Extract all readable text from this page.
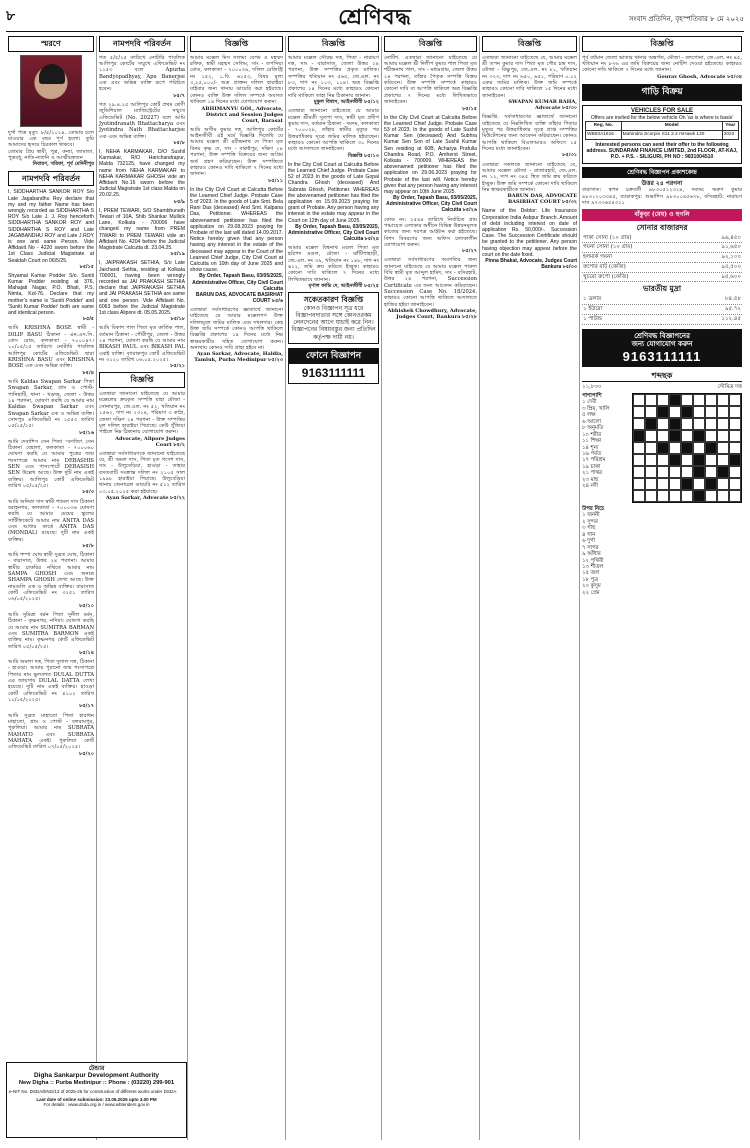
৮	শ্রেণিবদ্ধ	সংবাদ প্রতিদিন, বৃহস্পতিবার ৮ মে ২০২৫
স্মরণে
দুর্গা পাত্র মৃত্যু: ৮/৫/২০২৪. তোমার চলে যাওয়ার এক বছর পূর্ণ হলো। তুমি আমাদের হৃদয়ে চিরকাল থাকবে।
তোমার প্রিয় স্বামী, পুত্র, কন্যা, জামাতা, পুত্রবধূ, নাতি-নাতনি ও আত্মীয়স্বজন
নিবারণ, খরিফা, পূর্ব মেদিনীপুর
নামপদবি পরিবর্তন
I, SIDDHARTHA SANKOR ROY S/o Late Jagabandhu Roy declare that my and my father Name has been wrongly recorded as SIDDHARTHA S ROY S/o Late J. J. Roy henceforth SIDDHARTHA SANKOR ROY and SIDDHARTHA S ROY and Late JAGABANDHU ROY and Late J.ROY is one and same Person. Vide Affidavit No - 4220 sworn before the 1st Class Judicial Magistrate at Sealdah Court on 06/5/25.
৮৫/১৫
Shyamal Kumar Podder S/o. Suniti Kumar Podder residing at 376, Mahajati Nagar, P.O. Bhati, P.S. Nimta, Kol-76. Declare that my mother's name is 'Suniti Podder' and 'Suniti Kumar Podder' both are same and identical person.
৮৫/৫
আমি KRISHNA BOSE স্বামী - DILIP BASU ঠিকানা - এন.এস.সি. বোস রোড, কলকাতা - ৭০০০৪৭। ১০/০৫/২৫ তারিখে নোটারি পাবলিক আলিপুর কোর্টের এফিডেভিট দ্বারা KRISHNA BASU এবং KRISHNA BOSE এক এবং অভিন্ন ব্যক্তি।
৮৫/৪
আমি Kaldas Swapan Sarkar পিতা Swapan Sarkar, গ্রাম ও পোস্ট- পানিহাটি, থানা - খড়দহ, জেলা - উত্তর ২৪ পরগনা, ঘোষণা করছি যে আমার নাম Kaldas Swapan Sarkar এবং Swapan Sarkar এক ও অভিন্ন ব্যক্তি। সোদপুর এফিডেভিট নং ১৫৫৩ তারিখ ০৫/০৫/২৫।
৮৫/১৬
আমি দেবাশিস সেন পিতা ৺রণজিৎ সেন ঠিকানা বেহালা, কলকাতা - ৭০০০৬০ ঘোষণা করছি যে আমার পুত্রের জন্ম শংসাপত্রে আমার নাম DEBASHIS SEN এবং পাসপোর্টে DEBASISH SEN উল্লেখ আছে। উক্ত দুটি নাম একই ব্যক্তির। আলিপুর কোর্ট এফিডেভিট তারিখ ০৫/০৫/২৫।
৮৫/৩
আমি অনিতা দাস স্বামী শ্যামল দাস ঠিকানা বরাহনগর, কলকাতা - ৭০০০৩৬ ঘোষণা করছি যে আমার মেয়ের স্কুলের সার্টিফিকেটে আমার নাম ANITA DAS এবং আধার কার্ডে ANITA DAS (MONDAL) রয়েছে। দুটি নাম একই ব্যক্তির।
৮৫/৮
আমি শম্পা ঘোষ স্বামী সুব্রত ঘোষ, ঠিকানা - বারাসাত, উত্তর ২৪ পরগনা। আমার স্বামীর চাকরির নথিতে আমার নাম SAMPA GHOSH এবং অন্যত্র SHAMPA GHOSH লেখা আছে। উক্ত নামগুলি এক ও অভিন্ন ব্যক্তির। বারাসাত কোর্ট এফিডেভিট নং ৩২৫১ তারিখ ০৬/০৫/২০২৫।
৮৫/১০
আমি সুমিত্রা বর্মন পিতা সুনীল বর্মন, ঠিকানা - কৃষ্ণনগর, নদিয়া। ঘোষণা করছি যে আমার নাম SUMITRA BARMAN এবং SUMITRA BARMON একই ব্যক্তির নাম। কৃষ্ণনগর কোর্ট এফিডেভিট তারিখ ০৫/০৫/২৫।
৮৫/১৪
আমি অমলা দত্ত, পিতা দুলাল দত্ত, ঠিকানা - হাওড়া। আমার পুরানো জন্ম শংসাপত্রে পিতার নাম ভুলবশত DULAL DUTTA এর জায়গায় DULAL DATTA লেখা হয়েছে। দুটি নাম একই ব্যক্তির। হাওড়া কোর্ট এফিডেভিট নং ৪১০২ তারিখ ১০/০৫/২০২৫।
৮৫/১৭
আমি সুব্রত মাহাতো পিতা হারাধন মাহাতো, গ্রাম ও পোস্ট - বলরামপুর, পুরুলিয়া। আমার নাম SUBRATA MAHATO এবং SUBRATA MAHATA একই। পুরুলিয়া কোর্ট এফিডেভিট তারিখ ০৭/০৫/২০২৫।
৮৫/২০
নামপদবি পরিবর্তন
গত ৫/৫/২৫ তারিখে নোটারি পাবলিক আলিপুর কোর্টের সম্মুখে এফিডেভিট নং ১১৫৩ বলে Apurba Bandyopadhyay, Apu Banerjee এক এবং অভিন্ন ব্যক্তি রূপে পরিচিত হবেন।
৮৫/৭
গত ২৯.৪.২৫ আলিপুর কোর্ট প্রথম শ্রেণী জুডিশিয়াল ম্যাজিস্ট্রেটের সম্মুখে এফিডেভিট (No. 20227) বলে আমি Jyotindranath Bhattacharya এবং Jyotindra Nath Bhattacharjee এক এবং অভিন্ন ব্যক্তি।
৮৫/৮
I, NEHA KARMAKAR, D/O Sushil Karmakar, R/O Harichandrapur, Malda 732125, have changed my name from NEHA KARMAKAR to NEHA KARMAKAR GHOSH vide an Affidavit No.16 sworn before the Judicial Magistrate 1st class Malda on 20.02.25.
৮৫/৯
I, PREM TEWARI, S/O Shambhunath Tewari of 10A, Shib Shankar Mullick Lane, Kolkata - 700006 have changed my name from PREM TIWARI to PREM TEWARI vide an Affidavit No. 4204 before the Judicial Magistrate Calcutta dt. 23.04.25.
৮৫/১৯
I, JAIPRAKASH SETHIA, S/o Late Jaichand Sethia, residing at Kolkata 700001, having been wrongly recorded as JAI PRAKASH SETHIA declare that JAIPRAKASH SETHIA and JAI PRAKASH SETHIA are same and one person. Vide Affidavit No. 6063 before the Judicial Magistrate 1st class Alipore dt. 05.05.2025.
৮৫/১৮
আমি বিকাশ পাল পিতা মৃত কার্তিক পাল, বর্তমান ঠিকানা - গৌরীপুর, জেলা - উত্তর ২৪ পরগনা, ঘোষণা করছি যে আমার নাম BIKASH PAUL এবং BIKASH PAL একই ব্যক্তি। ব্যারাকপুর কোর্ট এফিডেভিট নং ৩১২০ তারিখ ০৬.০৫.২০২৫।
৮৫/২১
বিজ্ঞপ্তি
এতদ্বারা জানানো যাইতেছে যে আমার মক্কেলের ক্রয়কৃত সম্পত্তি যাহা মৌজা - সোনারপুর, জে.এল. নং ৫২, খতিয়ান নং ১৫৬২, দাগ নং ২৩১৪, পরিমাণ ৩ কাঠা, জেলা দক্ষিণ ২৪ পরগনা - উক্ত সম্পত্তির মূল দলিল হারাইয়া গিয়াছে। কেউ খুঁজিয়া পাইলে নিম্ন ঠিকানায় যোগাযোগ করুন।
Advocate, Alipore Judges Court ৮৫/২
এতদ্বারা সর্বসাধারণকে জানানো যাইতেছে যে, শ্রী অমল দাস, পিতা মৃত গণেশ দাস, সাং - উলুবেড়িয়া, হাওড়া - তাহার বসতবাটি সংক্রান্ত দলিল নং ২১০৫ সাল ১৯৯৮ হারাইয়া গিয়াছে। উলুবেড়িয়া থানায় জেনারেল ডায়েরি নং ৫১২ তারিখ ০৩.০৫.২০২৫ করা হইয়াছে।
Ayan Sarkar, Advocate ৮৫/২২
বিজ্ঞপ্তি
আমার মক্কেল মিস সালমা বেগম ও মহম্মদ রফিক, স্বামী মহম্মদ সেলিম, সাং - তপসিয়া রোড, কলকাতা - ৭০০০৩৯, দলিল রেজিস্ট্রি নং ১৫২, ১.বি. ৬২৫৩, বিষয় মূল্য ৩,২৫,০০০/- অত্র প্রাক্তন দলিল হারাইয়া যাইবার জন্য থানায় ডায়েরি করা হইয়াছে। কোনও ব্যক্তি উক্ত দলিল সম্পর্কে অবগত থাকিলে ১৪ দিনের মধ্যে যোগাযোগ করুন।
ABHIMANYU GOL, Advocate, District and Session Judges Court, Barasat
আমি অসীম কুমার দত্ত, আলিপুর কোর্টের আইনজীবী এই মর্মে বিজ্ঞপ্তি দিতেছি যে আমার মক্কেল শ্রী রবীন্দ্রনাথ দে পিতা মৃত বিনয় কৃষ্ণ দে, সাং - বারুইপুর, দক্ষিণ ২৪ পরগনা, উক্ত সম্পত্তি বিক্রয়ের জন্য অগ্রিম অর্থ গ্রহণ করিয়াছেন। উক্ত সম্পত্তিতে কাহারও কোনও দাবি থাকিলে ৭ দিনের মধ্যে জানান।
৮৫/১১
In the City Civil Court at Calcutta Before the Learned Chief Judge. Probate Case 5 of 2023. In the goods of Late Smt. Bela Rani Das (deceased) And Smt. Kalpana Das, Petitioner. WHEREAS the abovenamed petitioner has filed the application on 29.08.2023 praying for Probate of the last will dated 14.09.2017. Notice hereby given that any person having any interest in the estate of the deceased may appear in the Court of the Learned Chief Judge, City Civil Court at Calcutta on 10th day of June 2025 and show cause.
By Order, Tapash Basu, 03/05/2025, Administrative Officer, City Civil Court Calcutta
BARUN DAS, ADVOCATE BASIRHAT COURT ৮৫/৬
এতদ্বারা সর্বসাধারণের জ্ঞাতার্থে জানানো যাইতেছে যে আমার মক্কেলগণ উক্ত দলিলমূলে জমির মালিক এবং দখলদার। কেহ উক্ত জমি সম্পর্কে কোনও আপত্তি থাকিলে বিজ্ঞপ্তি প্রকাশের ১৪ দিনের মধ্যে নিম্ন স্বাক্ষরকারীর সহিত যোগাযোগ করুন। অন্যথায় কোনও দাবি গ্রাহ্য হইবে না।
Ayan Sarkar, Advocate, Haldia, Tamluk, Purba Medinipur ৮৫/২৩
বিজ্ঞপ্তি
আমার মক্কেল সৌরভ দত্ত, পিতা - নারায়ণ দত্ত, সাং - বারাসাত, জেলা উত্তর ২৪ পরগনা, উক্ত সম্পত্তির প্রকৃত মালিক। সম্পত্তির খতিয়ান নং ৫৬৫, জে.এল. নং ৮৩, দাগ নং ১০৩, ১০৪। অত্র বিজ্ঞপ্তি প্রকাশের ১৪ দিনের মধ্যে কাহারও কোনো দাবি থাকিলে তাহা নিম্ন ঠিকানায় জানান।
মুকুল বিশ্বাস, আইনজীবী ৮৫/১২
এতদ্বারা জানানো যাইতেছে যে আমার মক্কেল শ্রীমতী সুতপা দাস, স্বামী মৃত প্রদীপ কুমার দাস, বর্তমান ঠিকানা - দমদম, কলকাতা - ৭০০০২৮, তাঁহার স্বামীর মৃত্যুর পর উত্তরাধিকার সূত্রে জমির মালিক হইয়াছেন। কাহারও কোনো আপত্তি থাকিলে ৩০ দিনের মধ্যে আদালতে জানাইবেন।
বিজ্ঞপ্তি ৮৫/১৩
In the City Civil Court at Calcutta Before the Learned Chief Judge. Probate Case 52 of 2023 In the goods of Late Gopal Chandra Ghosh (deceased) And Subrata Ghosh, Petitioner. WHEREAS the abovenamed petitioner has filed the application on 15.09.2023 praying for grant of Probate. Any person having any interest in the estate may appear in the Court on 12th day of June 2025.
By Order, Tapash Basu, 03/05/2025, Administrative Officer, City Civil Court Calcutta ৮৫/২৪
আমার মক্কেল বিশ্বনাথ মণ্ডল পিতা মৃত হরিপদ মণ্ডল, মৌজা - ঝাঁটিপাহাড়ী, জে.এল. নং ৩৯, খতিয়ান নং ১৪৮, দাগ নং ৬১২, জমি ক্রয় করিতে ইচ্ছুক। কাহারও কোনো দাবি থাকিলে ৭ দিনের মধ্যে লিখিতভাবে জানান।
মৃণাল কান্তি দে, আইনজীবী ৮৫/২৫
সকেতকারণ বিজ্ঞপ্তি
কোনও বিজ্ঞাপন সূত্র ধরে বিজ্ঞাপনদাতার সঙ্গে কোনওরকম লেনদেনের আগে যাচাই করে নিন। বিজ্ঞাপনের বিষয়বস্তুর জন্য প্রতিদিন কর্তৃপক্ষ দায়ী নয়।
ফোনে বিজ্ঞাপন
9163111111
বিজ্ঞপ্তি
নোটিশ. এতদ্বারা জানানো যাইতেছে যে আমার মক্কেল শ্রী দিলীপ কুমার পাল পিতা মৃত শচীন্দ্রনাথ পাল, সাং - মধ্যমগ্রাম, জেলা উত্তর ২৪ পরগনা, তাঁহার পৈতৃক সম্পত্তি বিক্রয় করিবেন। উক্ত সম্পত্তি সম্পর্কে কাহারও কোনো দাবি বা আপত্তি থাকিলে অত্র বিজ্ঞপ্তি প্রকাশের ৭ দিনের মধ্যে লিখিতভাবে জানাইবেন।
৮৫/১৫
In the City Civil Court at Calcutta Before the Learned Chief Judge. Probate Case 53 of 2023. In the goods of Late Sushil Kumar Sen (deceased) And Subhra Kumar Sen Son of Late Sushil Kumar Sen residing at 60B, Acharya Prafulla Chandra Road, P.O. Amherst Street, Kolkata - 700009. WHEREAS the abovenamed petitioner has filed the application on 29.06.2023 praying for Probate of the last will. Notice hereby given that any person having any interest may appear on 10th June 2025.
By Order, Tapash Basu, 03/05/2025, Administrative Officer, City Civil Court Calcutta ৮৫/২৬
কোড নং: ২৫৪৪ তারিখে নির্বাচিত গ্রাম পঞ্চায়েত এলাকার অধীনে বিভিন্ন উন্নয়নমূলক কাজের জন্য দরপত্র আহ্বান করা হইতেছে। বিশদ বিবরণের জন্য অফিস চলাকালীন যোগাযোগ করুন।
৮৫/২৭
এতদ্বারা সর্বসাধারণের অবগতির জন্য জানানো যাইতেছে যে আমার মক্কেল পারুল বিবি স্বামী মৃত আব্দুল হামিদ, সাং - বসিরহাট, উত্তর ২৪ পরগনা, Succession Certificate এর জন্য আবেদন করিয়াছেন। Succession Case No. 18/2024. কাহারও কোনো আপত্তি থাকিলে আদালতে হাজির হইয়া জানাইবেন।
Abhishek Chowdhury, Advocate, Judges Court, Bankura ৮৫/২৮
বিজ্ঞপ্তি
এতদ্বারা জানানো যাইতেছে যে, আমার মক্কেল শ্রী তপন কুমার দাস পিতা মৃত গৌর চন্দ্র দাস, মৌজা - বিষ্ণুপুর, জে.এল. নং ৮১, খতিয়ান নং ৩২৩, দাগ নং ৬৫০, ৬৫১, পরিমাণ ০.১২ একর জমির মালিক। উক্ত জমি সম্পর্কে কাহারও কোনো দাবি থাকিলে ১৫ দিনের মধ্যে জানাইবেন।
SWAPAN KUMAR RAHA, Advocate ৮৫/৩০
বিজ্ঞপ্তি. সর্বসাধারণের জ্ঞাতার্থে জানানো যাইতেছে যে নিম্নলিখিত ব্যক্তি তাঁহার পিতার মৃত্যুর পর উত্তরাধিকার সূত্রে প্রাপ্ত সম্পত্তির মিউটেশনের জন্য আবেদন করিয়াছেন। কোনও আপত্তি থাকিলে বিএলআরও অফিসে ১৫ দিনের মধ্যে জানাইবেন।
৮৫/৩১
এতদ্বারা সকলকে জানানো যাইতেছে যে, আমার মক্কেল মৌজা - রাজারহাট, জে.এল. নং ১২, দাগ নং ৩৪৫ স্থিত জমি ক্রয় করিতে ইচ্ছুক। উক্ত জমি সম্পর্কে কোনো দাবি থাকিলে নিম্ন স্বাক্ষরকারীকে জানান।
BARUN DAS, ADVOCATE BASIRHAT COURT ৮৫/৩২
Name of the Debtor: Life Insurance Corporation India Asbpur Branch. Amount of debt including interest on date of application Rs. 50,000/-. Succession Case. The Succession Certificate should be granted to the petitioner. Any person having objection may appear before the court on the date fixed.
Pinna Bhakat, Advocate, Judges Court Bankura ৮৫/৩৩
বিজ্ঞপ্তি
পূর্ব বর্ধমান জেলা ভাতার থানার অন্তর্গত, মৌজা - বলগোনা, জে.এল. নং ৪৫, খতিয়ান নং ৮৭৬ এর জমি বিক্রয়ের জন্য নোটিশ দেওয়া হইতেছে। কাহারও কোনো দাবি থাকিলে ৭ দিনের মধ্যে জানান।
Gourav Ghosh, Advocate ৮৫/৩৪
গাড়ি বিক্রয়
VEHICLES FOR SALE
Offers are invited for the below vehicle On 'as is where is basis'
Reg. No.	Model	Year
WB63A1616	Mahindra Scorpio S11 2.2 mHawk 120	2022
Interested persons can send their offer to the following address. SUNDARAM FINANCE LIMITED, 2nd FLOOR, AT-KAJ, P.O. + P.S. - SILIGURI, PH NO : 9831004510
শ্রেণিবদ্ধ বিজ্ঞাপন প্রকাশকেন্দ্র
উত্তর ২৪ পরগনা
বারাসাত: স্বপন চক্রবর্তী ৯৮৩০৫১২৩২৪, দমদম: অরুণ কুমার ৯৮৩১২০৩৩৪৫, ব্যারাকপুর: শুভাশিস ৯৮৩০০৪৫৬৭৮, বসিরহাট: নারায়ণ দাস ৯৭৩৩৬৫৪৩২১
বাঁকুড়া (মেঘ) ও হুগলি
সোনার বাজারদর
পাকা সোনা (১০ গ্রাম)	৯৬,৪৫০
গয়না সোনা (১০ গ্রাম)	৯১,৬৫০
হলমার্ক গয়না	৯২,১০০
রুপোর বাট (কেজি)	৯৫,৫০০
খুচরো রুপো (কেজি)	৯৫,৬০০
ভারতীয় মুদ্রা
১ ডলার	৮৪.৫৮
১ ইউরো	৯৫.৭২
১ পাউন্ড	১১২.৪৫
শ্রেণিবদ্ধ বিজ্ঞাপনের
জন্য যোগাযোগ করুন
9163111111
শব্দছক
১১,৮৩০	সৌমিত্র দত্ত
পাশাপাশি
১ দেবী
৩ ম্রিয়, খালি
৫ লক্ষ
৬ আলো
৮ অনুমতি
১০ শরীর
১১ শিক্ষা
১৪ শূন্য
১৬ পর্বত
১৭ পরিশ্রম
১৯ চাকা
২১ পাথর
২৩ মাছ
২৪ নদী
উপর নিচে
১ জননী
২ সুন্দর
৩ গাছ
৪ গান
৬ দুর্গা
৭ সাগর
৯ আঁধার
১২ পৃথিবী
১৩ শীতল
১৫ জল
১৮ পুত্র
২০ কুসুম
২২ প্রেম
টেন্ডার
Digha Sankarpur Development Authority
New Digha :: Purba Medinipur :: Phone : (03220) 299-901
e-NIT No. DSDA/ENG/13 of 2025-26 for construction of different works under DSDA.
Last date of online submission: 23.05.2025 upto 3.00 PM
For details : www.dsda.org.in / www.wbtenders.gov.in
